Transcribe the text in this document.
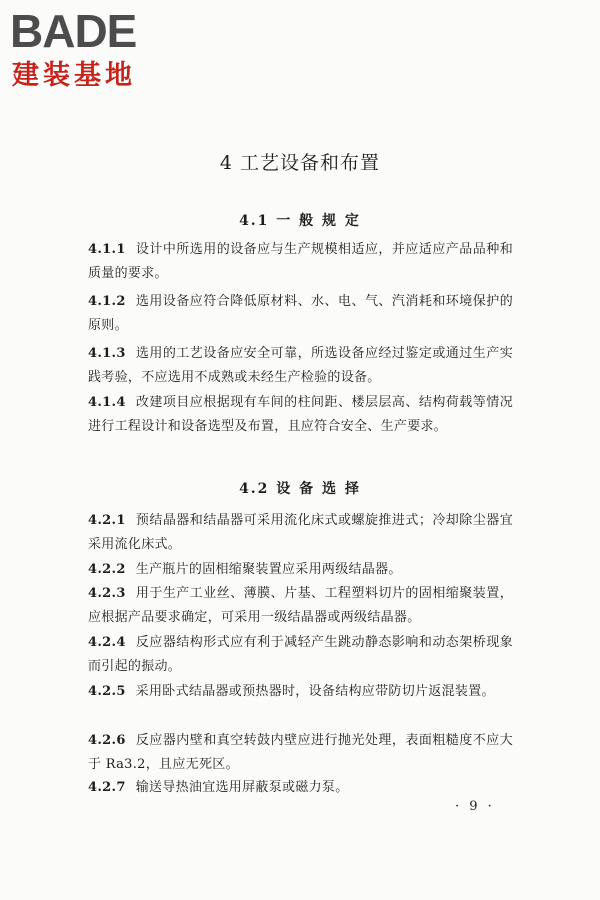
BADE
建装基地
4 工艺设备和布置
4.1 一 般 规 定
4.1.1 设计中所选用的设备应与生产规模相适应，并应适应产品品种和质量的要求。
4.1.2 选用设备应符合降低原材料、水、电、气、汽消耗和环境保护的原则。
4.1.3 选用的工艺设备应安全可靠，所选设备应经过鉴定或通过生产实践考验，不应选用不成熟或未经生产检验的设备。
4.1.4 改建项目应根据现有车间的柱间距、楼层层高、结构荷载等情况进行工程设计和设备选型及布置，且应符合安全、生产要求。
4.2 设 备 选 择
4.2.1 预结晶器和结晶器可采用流化床式或螺旋推进式；冷却除尘器宜采用流化床式。
4.2.2 生产瓶片的固相缩聚装置应采用两级结晶器。
4.2.3 用于生产工业丝、薄膜、片基、工程塑料切片的固相缩聚装置，应根据产品要求确定，可采用一级结晶器或两级结晶器。
4.2.4 反应器结构形式应有利于减轻产生跳动静态影响和动态架桥现象而引起的振动。
4.2.5 采用卧式结晶器或预热器时，设备结构应带防切片返混装置。
4.2.6 反应器内壁和真空转鼓内壁应进行抛光处理，表面粗糙度不应大于 Ra3.2，且应无死区。
4.2.7 输送导热油宜选用屏蔽泵或磁力泵。
· 9 ·
